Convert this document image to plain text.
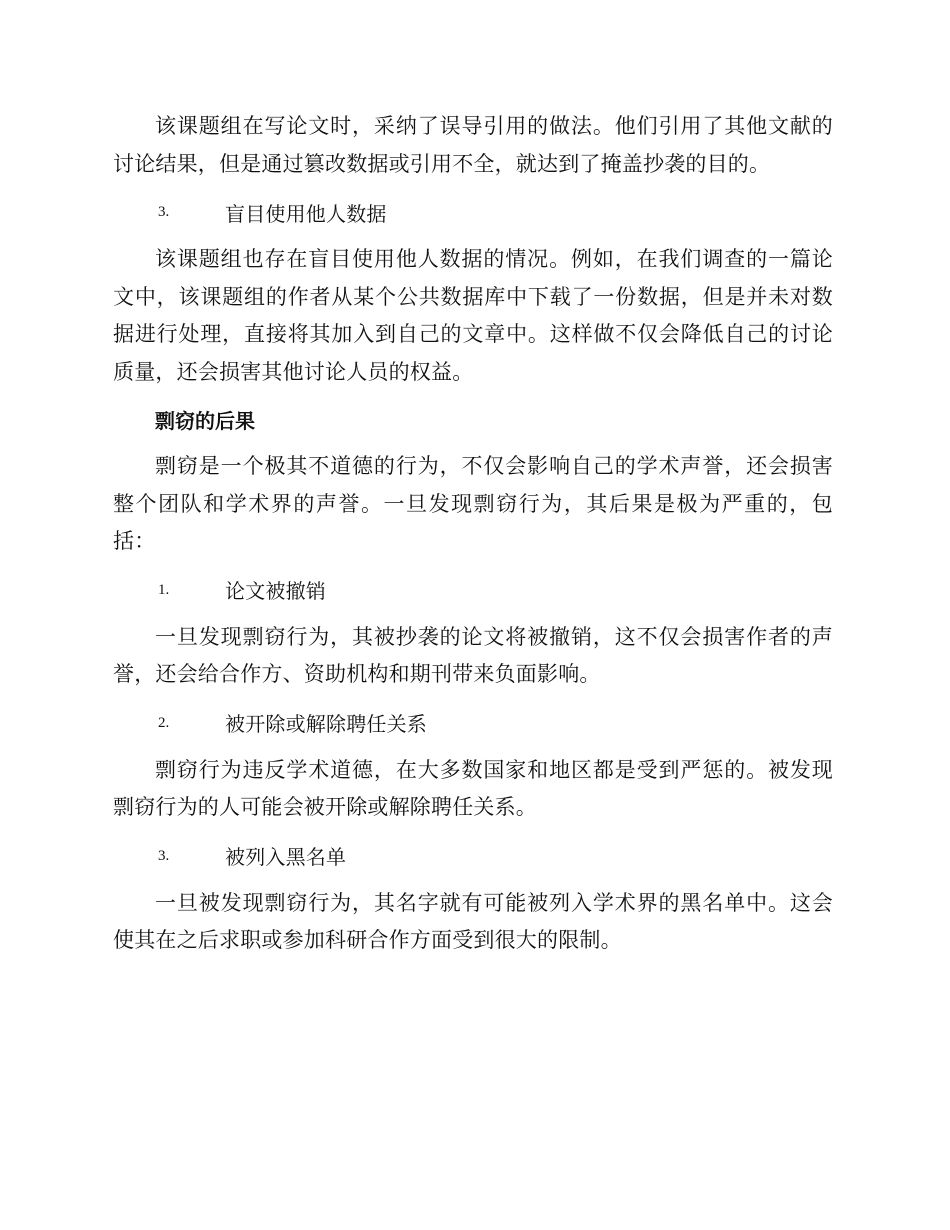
该课题组在写论文时，采纳了误导引用的做法。他们引用了其他文献的讨论结果，但是通过篡改数据或引用不全，就达到了掩盖抄袭的目的。

3.	盲目使用他人数据

该课题组也存在盲目使用他人数据的情况。例如，在我们调查的一篇论文中，该课题组的作者从某个公共数据库中下载了一份数据，但是并未对数据进行处理，直接将其加入到自己的文章中。这样做不仅会降低自己的讨论质量，还会损害其他讨论人员的权益。

剽窃的后果

剽窃是一个极其不道德的行为，不仅会影响自己的学术声誉，还会损害整个团队和学术界的声誉。一旦发现剽窃行为，其后果是极为严重的，包括：

1.	论文被撤销

一旦发现剽窃行为，其被抄袭的论文将被撤销，这不仅会损害作者的声誉，还会给合作方、资助机构和期刊带来负面影响。

2.	被开除或解除聘任关系

剽窃行为违反学术道德，在大多数国家和地区都是受到严惩的。被发现剽窃行为的人可能会被开除或解除聘任关系。

3.	被列入黑名单

一旦被发现剽窃行为，其名字就有可能被列入学术界的黑名单中。这会使其在之后求职或参加科研合作方面受到很大的限制。
